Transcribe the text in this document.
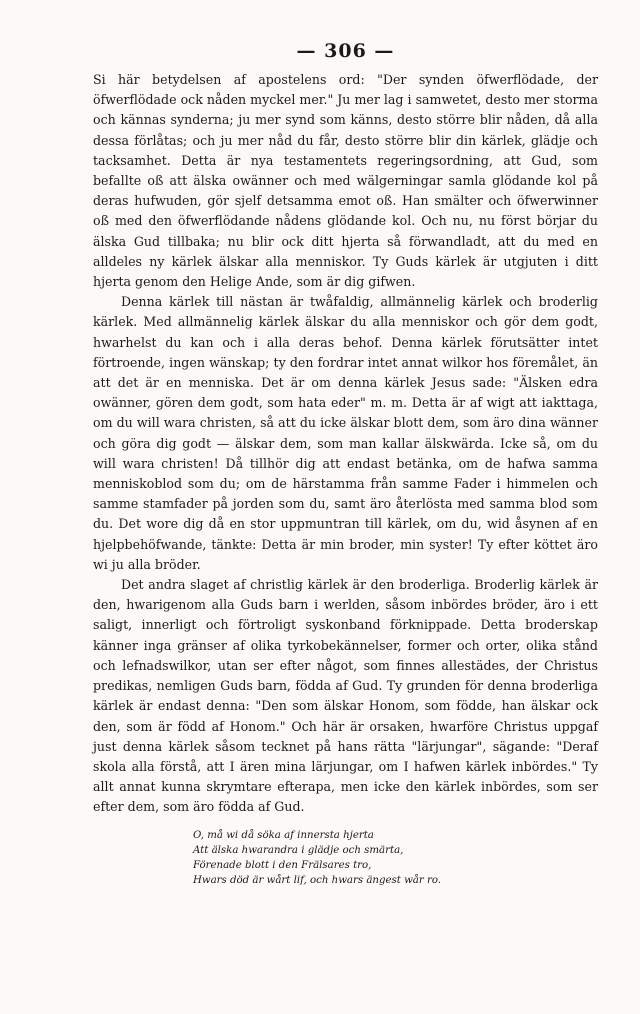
— 306 —

Si här betydelsen af apostelens ord: "Der synden öfwerflödade, der öfwerflödade ock nåden myckel mer." Ju mer lag i samwetet, desto mer storma och kännas synderna; ju mer synd som känns, desto större blir nåden, då alla dessa förlåtas; och ju mer nåd du får, desto större blir din kärlek, glädje och tacksamhet. Detta är nya testamentets regeringsordning, att Gud, som befallte oß att älska owänner och med wälgerningar samla glödande kol på deras hufwuden, gör sjelf detsamma emot oß. Han smälter och öfwerwinner oß med den öfwerflödande nådens glödande kol. Och nu, nu först börjar du älska Gud tillbaka; nu blir ock ditt hjerta så förwandladt, att du med en alldeles ny kärlek älskar alla menniskor. Ty Guds kärlek är utgjuten i ditt hjerta genom den Helige Ande, som är dig gifwen.

Denna kärlek till nästan är twåfaldig, allmännelig kärlek och broderlig kärlek. Med allmännelig kärlek älskar du alla menniskor och gör dem godt, hwarhelst du kan och i alla deras behof. Denna kärlek förutsätter intet förtroende, ingen wänskap; ty den fordrar intet annat wilkor hos föremålet, än att det är en menniska. Det är om denna kärlek Jesus sade: "Älsken edra owänner, gören dem godt, som hata eder" m. m. Detta är af wigt att iakttaga, om du will wara christen, så att du icke älskar blott dem, som äro dina wänner och göra dig godt — älskar dem, som man kallar älskwärda. Icke så, om du will wara christen! Då tillhör dig att endast betänka, om de hafwa samma menniskoblod som du; om de härstamma från samme Fader i himmelen och samme stamfader på jorden som du, samt äro återlösta med samma blod som du. Det wore dig då en stor uppmuntran till kärlek, om du, wid åsynen af en hjelpbehöfwande, tänkte: Detta är min broder, min syster! Ty efter köttet äro wi ju alla bröder.

Det andra slaget af christlig kärlek är den broderliga. Broderlig kärlek är den, hwarigenom alla Guds barn i werlden, såsom inbördes bröder, äro i ett saligt, innerligt och förtroligt syskonband förknippade. Detta broderskap känner inga gränser af olika tyrkobekännelser, former och orter, olika stånd och lefnadswilkor, utan ser efter något, som finnes allestädes, der Christus predikas, nemligen Guds barn, födda af Gud. Ty grunden för denna broderliga kärlek är endast denna: "Den som älskar Honom, som födde, han älskar ock den, som är född af Honom." Och här är orsaken, hwarföre Christus uppgaf just denna kärlek såsom tecknet på hans rätta "lärjungar", sägande: "Deraf skola alla förstå, att I ären mina lärjungar, om I hafwen kärlek inbördes." Ty allt annat kunna skrymtare efterapa, men icke den kärlek inbördes, som ser efter dem, som äro födda af Gud.

O, må wi då söka af innersta hjerta
Att älska hwarandra i glädje och smärta,
Förenade blott i den Frälsares tro,
Hwars död är wårt lif, och hwars ängest wår ro.
